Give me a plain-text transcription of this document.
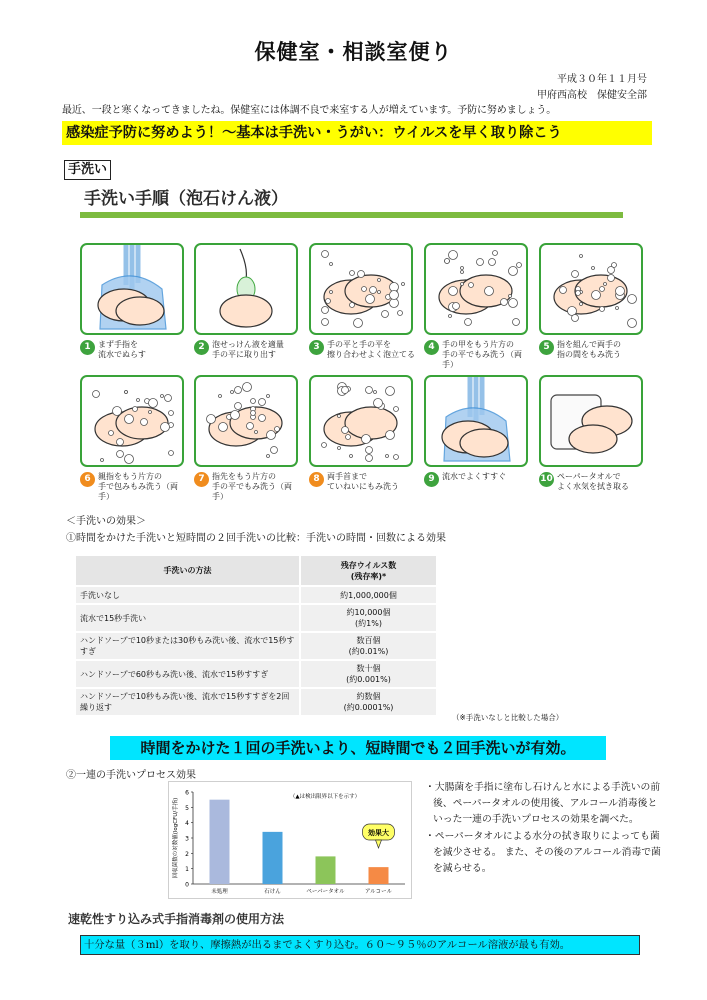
保健室・相談室便り
平成３０年１１月号
甲府西高校　保健安全部
最近、一段と寒くなってきましたね。保健室には体調不良で来室する人が増えています。予防に努めましょう。
感染症予防に努めよう！～基本は手洗い・うがい：ウイルスを早く取り除こう
手洗い
手洗い手順（泡石けん液）
1 まず手指を
流水でぬらす
2 泡せっけん液を適量
手の平に取り出す
3 手の平と手の平を
擦り合わせよく泡立てる
4 手の甲をもう片方の
手の平でもみ洗う（両手）
5 指を組んで両手の
指の間をもみ洗う
6 親指をもう片方の
手で包みもみ洗う（両手）
7 指先をもう片方の
手の平でもみ洗う（両手）
8 両手首まで
ていねいにもみ洗う
9 流水でよくすすぐ	10 ペーパータオルで
よく水気を拭き取る
＜手洗いの効果＞
①時間をかけた手洗いと短時間の２回手洗いの比較：手洗いの時間・回数による効果
手洗いの方法	残存ウイルス数
(残存率)*
手洗いなし	約1,000,000個
流水で15秒手洗い	約10,000個
(約1%)
ハンドソープで10秒または30秒もみ洗い後、流水で15秒すすぎ	数百個
(約0.01%)
ハンドソープで60秒もみ洗い後、流水で15秒すすぎ	数十個
(約0.001%)
ハンドソープで10秒もみ洗い後、流水で15秒すすぎを2回繰り返す	約数個
(約0.0001%)
（※手洗いなしと比較した場合）
時間をかけた１回の手洗いより、短時間でも２回手洗いが有効。
②一連の手洗いプロセス効果
0
1
2
3
4
5
6
回収菌数の対数値(logCFU/手指)
未処理	石けん	ペーパータオル	アルコール
（▲は検出限界以下を示す）
効果大
・大腸菌を手指に塗布し石けんと水による手洗いの前後、ペーパータオルの使用後、アルコール消毒後といった一連の手洗いプロセスの効果を調べた。
・ペーパータオルによる水分の拭き取りによっても菌を減少させる。 また、その後のアルコール消毒で菌を減らせる。
速乾性すり込み式手指消毒剤の使用方法
十分な量（３ml）を取り、摩擦熱が出るまでよくすり込む。６０～９５％のアルコール溶液が最も有効。
